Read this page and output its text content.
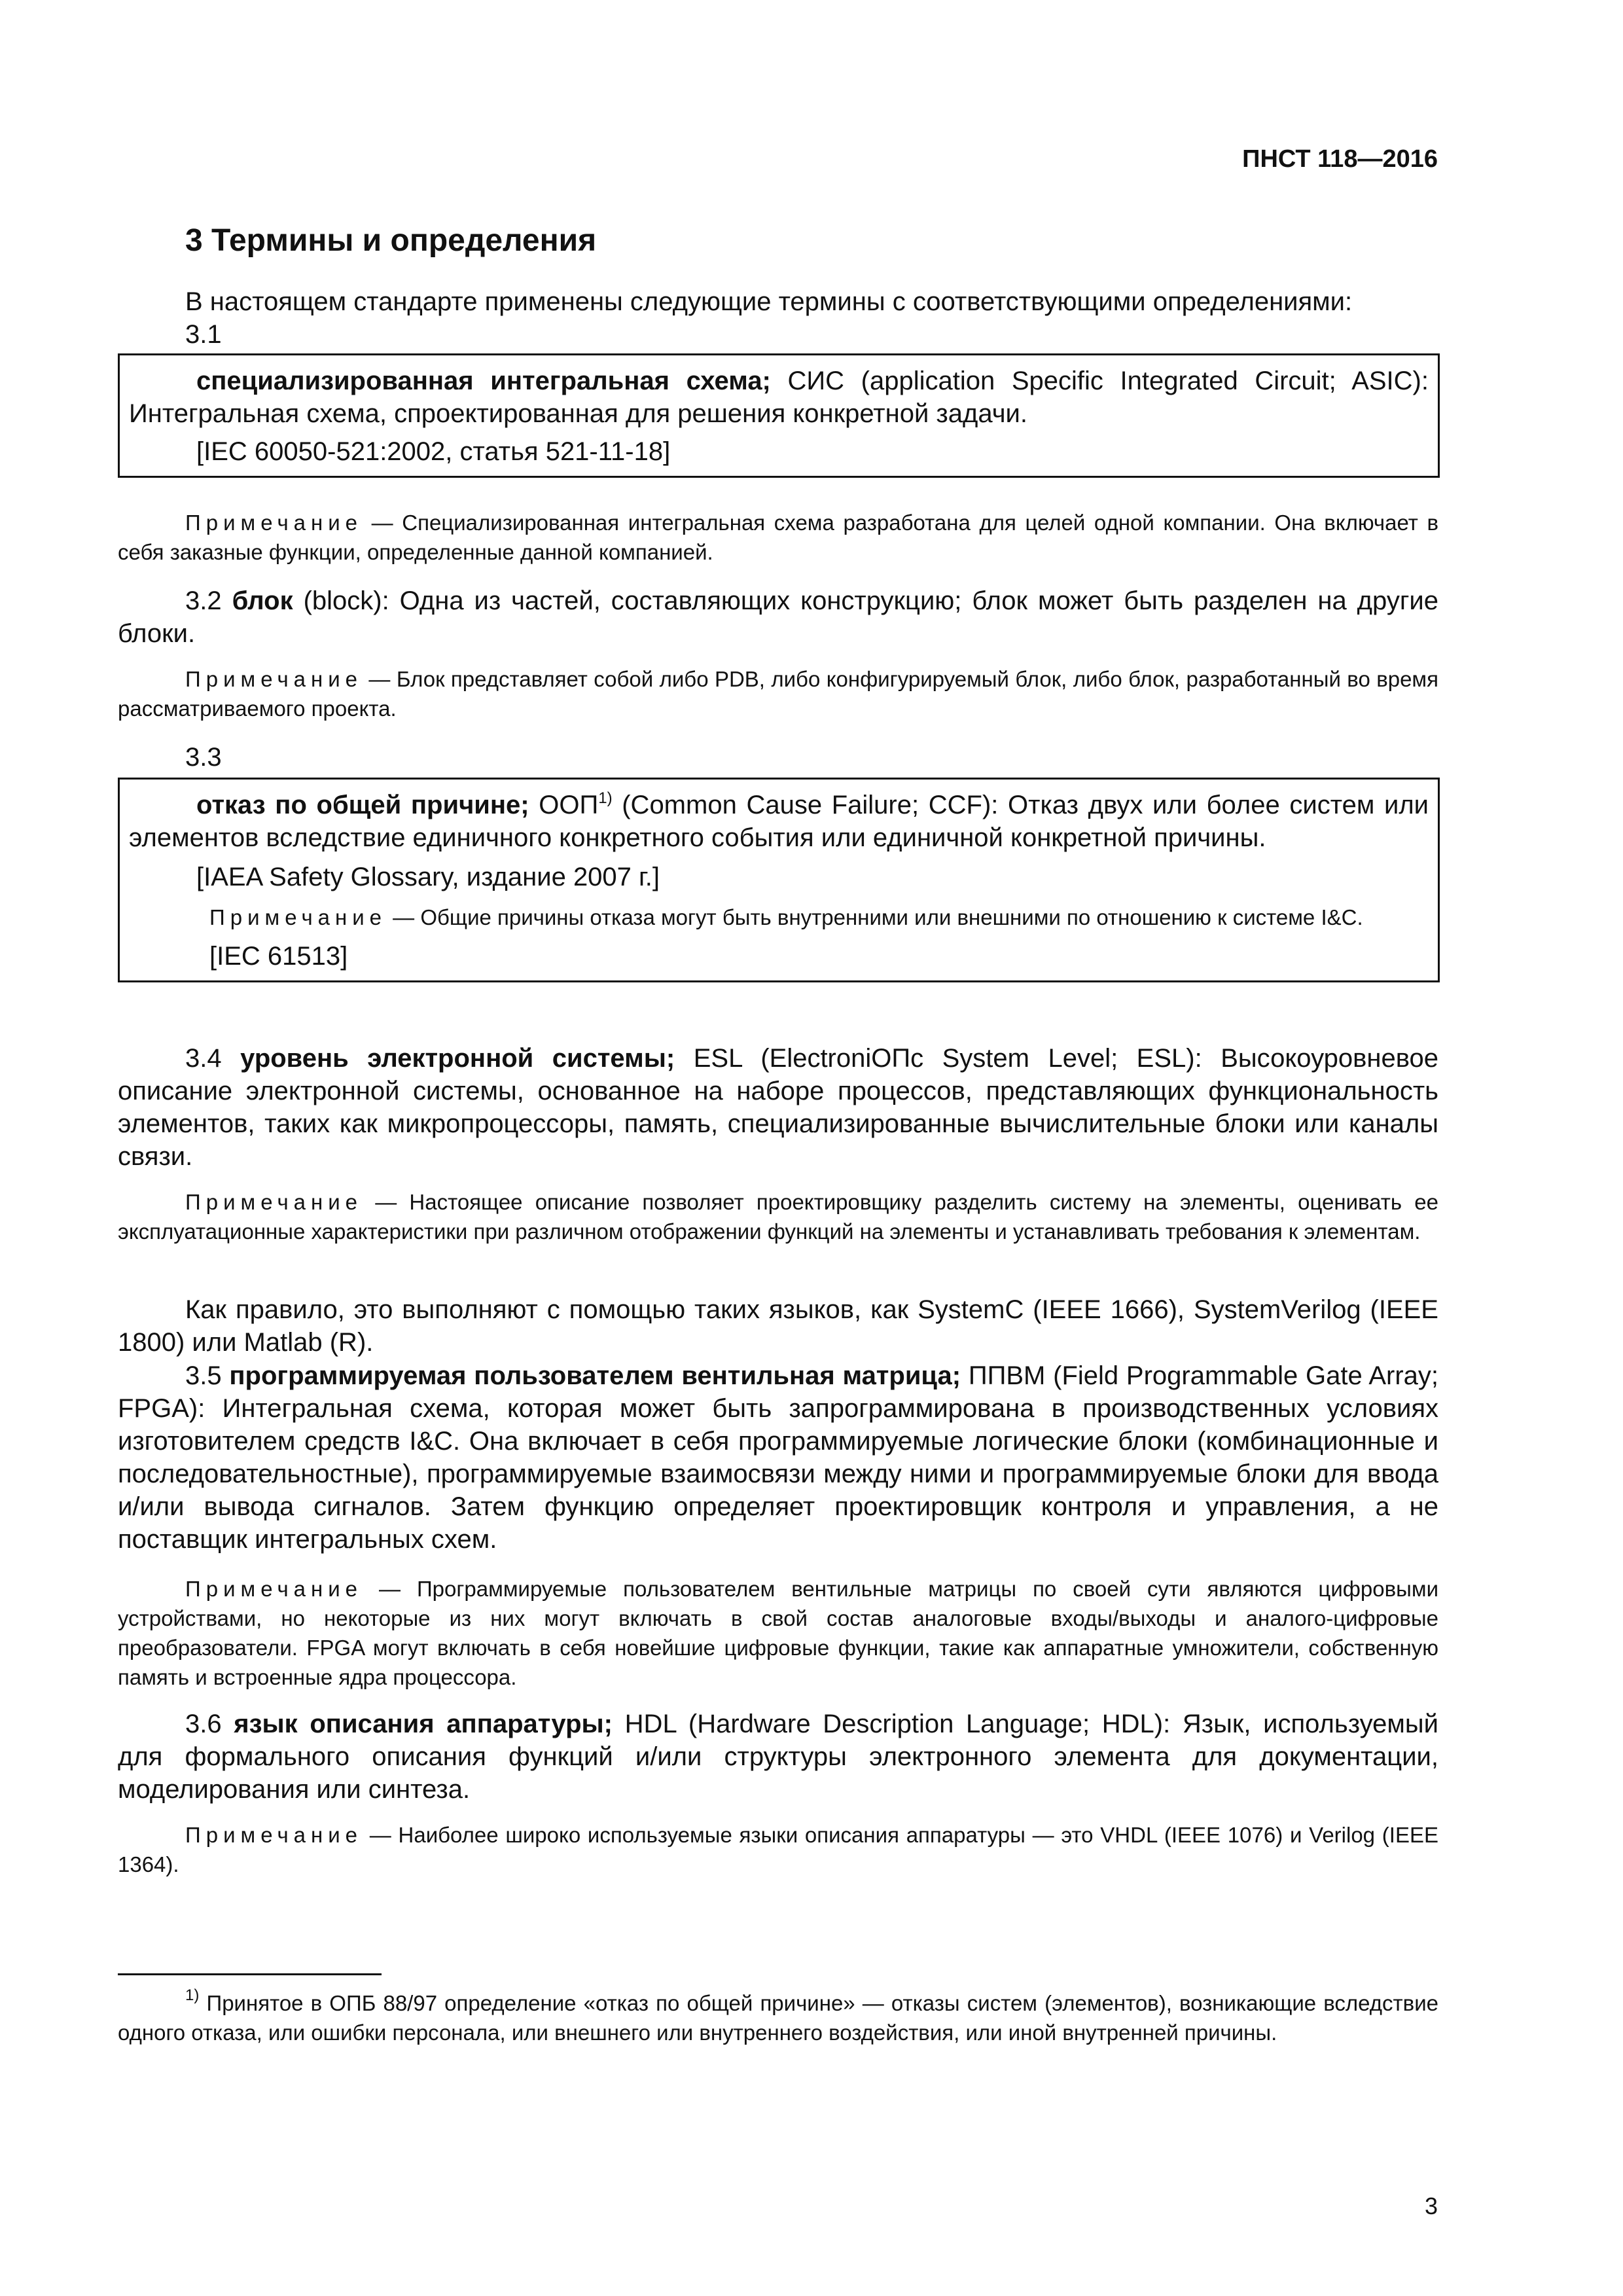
ПНСТ 118—2016
3 Термины и определения

В настоящем стандарте применены следующие термины с соответствующими определениями:

3.1

специализированная интегральная схема; СИС (application Specific Integrated Circuit; ASIC): Интегральная схема, спроектированная для решения конкретной задачи.

[IEC 60050-521:2002, статья 521-11-18]

Примечание — Специализированная интегральная схема разработана для целей одной компании. Она включает в себя заказные функции, определенные данной компанией.

3.2 блок (block): Одна из частей, составляющих конструкцию; блок может быть разделен на другие блоки.

Примечание — Блок представляет собой либо PDB, либо конфигурируемый блок, либо блок, разработанный во время рассматриваемого проекта.

3.3

отказ по общей причине; ООП$^{1)}$ (Common Cause Failure; CCF): Отказ двух или более систем или элементов вследствие единичного конкретного события или единичной конкретной причины.

[IAEA Safety Glossary, издание 2007 г.]

Примечание — Общие причины отказа могут быть внутренними или внешними по отношению к системе I&C.

[IEC 61513]

3.4 уровень электронной системы; ESL (ElectroniОПс System Level; ESL): Высокоуровневое описание электронной системы, основанное на наборе процессов, представляющих функциональность элементов, таких как микропроцессоры, память, специализированные вычислительные блоки или каналы связи.

Примечание — Настоящее описание позволяет проектировщику разделить систему на элементы, оценивать ее эксплуатационные характеристики при различном отображении функций на элементы и устанавливать требования к элементам.

Как правило, это выполняют с помощью таких языков, как SystemC (IEEE 1666), SystemVerilog (IEEE 1800) или Matlab (R).

3.5 программируемая пользователем вентильная матрица; ППВМ (Field Programmable Gate Array; FPGA): Интегральная схема, которая может быть запрограммирована в производственных условиях изготовителем средств I&C. Она включает в себя программируемые логические блоки (комбинационные и последовательностные), программируемые взаимосвязи между ними и программируемые блоки для ввода и/или вывода сигналов. Затем функцию определяет проектировщик контроля и управления, а не поставщик интегральных схем.

Примечание — Программируемые пользователем вентильные матрицы по своей сути являются цифровыми устройствами, но некоторые из них могут включать в свой состав аналоговые входы/выходы и аналого-цифровые преобразователи. FPGA могут включать в себя новейшие цифровые функции, такие как аппаратные умножители, собственную память и встроенные ядра процессора.

3.6 язык описания аппаратуры; HDL (Hardware Description Language; HDL): Язык, используемый для формального описания функций и/или структуры электронного элемента для документации, моделирования или синтеза.

Примечание — Наиболее широко используемые языки описания аппаратуры — это VHDL (IEEE 1076) и Verilog (IEEE 1364).

$^{1)}$ Принятое в ОПБ 88/97 определение «отказ по общей причине» — отказы систем (элементов), возникающие вследствие одного отказа, или ошибки персонала, или внешнего или внутреннего воздействия, или иной внутренней причины.

3
